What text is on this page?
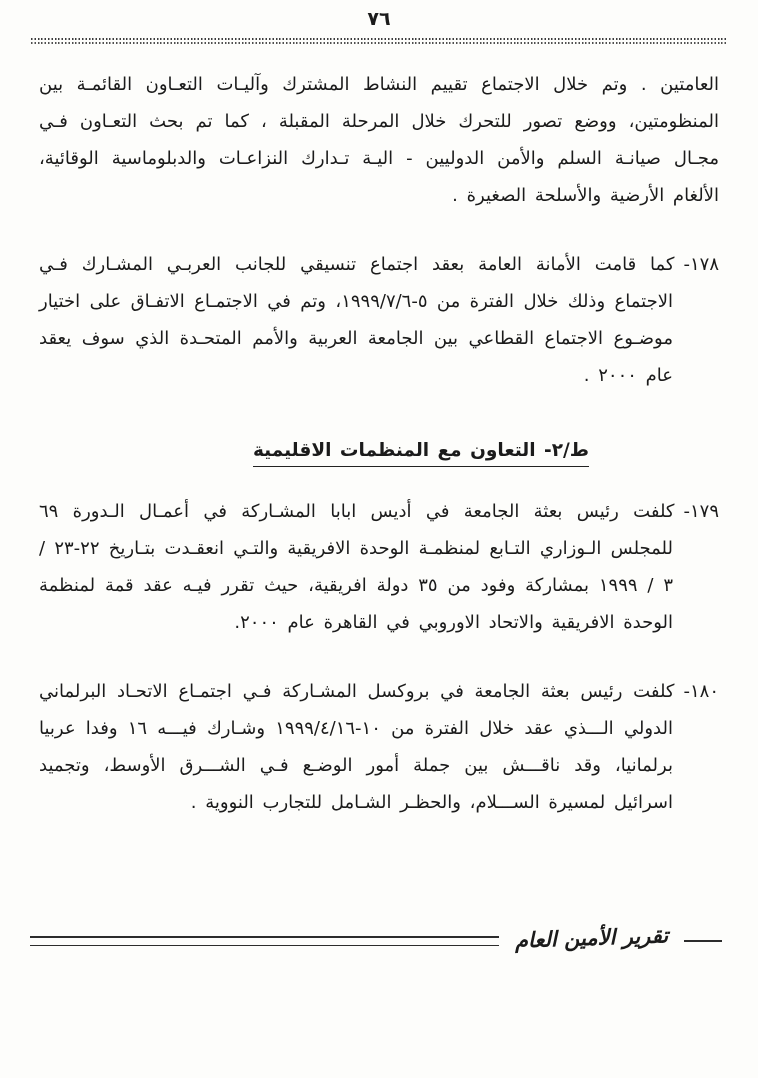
٧٦

العامتين . وتم خلال الاجتماع تقييم النشاط المشترك وآليـات التعـاون القائمـة بين المنظومتين، ووضع تصور للتحرك خلال المرحلة المقبلة ، كما تم بحث التعـاون فـي مجـال صيانـة السلم والأمن الدوليين - اليـة تـدارك النزاعـات والدبلوماسية الوقائية، الألغام الأرضية والأسلحة الصغيرة .

١٧٨-كما قامت الأمانة العامة بعقد اجتماع تنسيقي للجانب العربـي المشـارك فـي الاجتماع وذلك خلال الفترة من ٥-١٩٩٩/٧/٦، وتم في الاجتمـاع الاتفـاق على اختيار موضـوع الاجتماع القطاعي بين الجامعة العربية والأمم المتحـدة الذي سوف يعقد عام ٢٠٠٠ .

ط/٢- التعاون مع المنظمات الاقليمية

١٧٩-كلفت رئيس بعثة الجامعة في أديس ابابا المشـاركة في أعمـال الـدورة ٦٩ للمجلس الـوزاري التـابع لمنظمـة الوحدة الافريقية والتـي انعقـدت بتـاريخ ٢٢-٢٣ / ٣ / ١٩٩٩ بمشاركة وفود من ٣٥ دولة افريقية، حيث تقرر فيـه عقد قمة لمنظمة الوحدة الافريقية والاتحاد الاوروبي في القاهرة عام ٢٠٠٠.

١٨٠-كلفت رئيس بعثة الجامعة في بروكسل المشـاركة فـي اجتمـاع الاتحـاد البرلماني الدولي الـــذي عقد خلال الفترة من ١٠-١٩٩٩/٤/١٦ وشـارك فيـــه ١٦ وفدا عربيا برلمانيا، وقد ناقـــش بين جملة أمور الوضـع فـي الشـــرق الأوسط، وتجميد اسرائيل لمسيرة الســـلام، والحظـر الشـامل للتجارب النووية .

تقرير الأمين العام
